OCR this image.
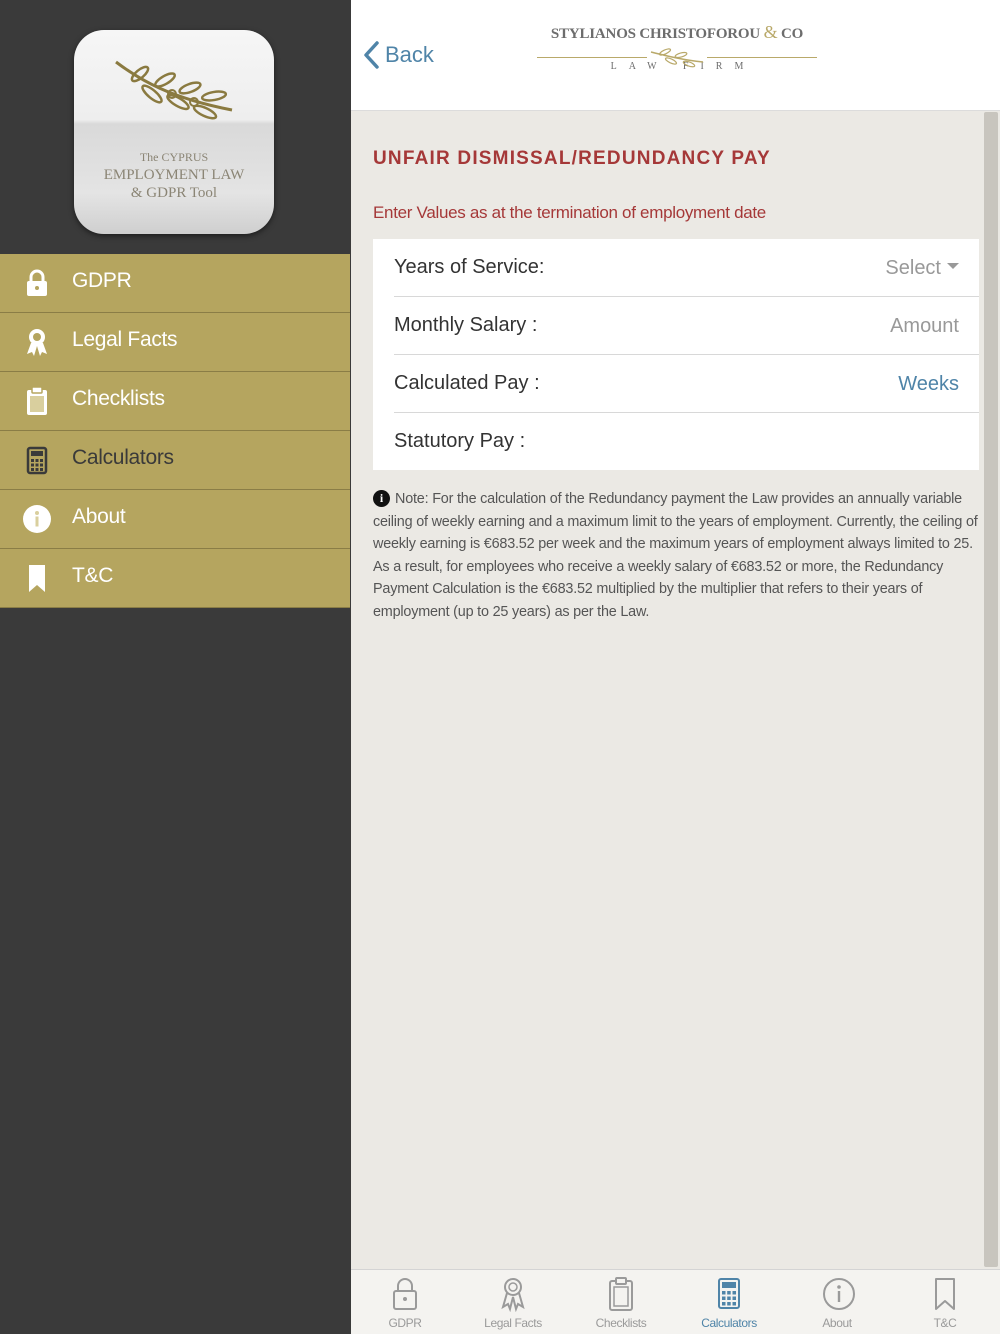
The CYPRUS
EMPLOYMENT LAW
& GDPR Tool
GDPR
Legal Facts
Checklists
Calculators
About
T&C
Back
STYLIANOS CHRISTOFOROU & CO
LAW FIRM
UNFAIR DISMISSAL/REDUNDANCY PAY
Enter Values as at the termination of employment date
Years of Service:	Select
Monthly Salary :	Amount
Calculated Pay :	Weeks
Statutory Pay :
i Note: For the calculation of the Redundancy payment the Law provides an annually variable ceiling of weekly earning and a maximum limit to the years of employment. Currently, the ceiling of weekly earning is €683.52 per week and the maximum years of employment always limited to 25. As a result, for employees who receive a weekly salary of €683.52 or more, the Redundancy Payment Calculation is the €683.52 multiplied by the multiplier that refers to their years of employment (up to 25 years) as per the Law.
GDPR	Legal Facts	Checklists	Calculators	About	T&C
